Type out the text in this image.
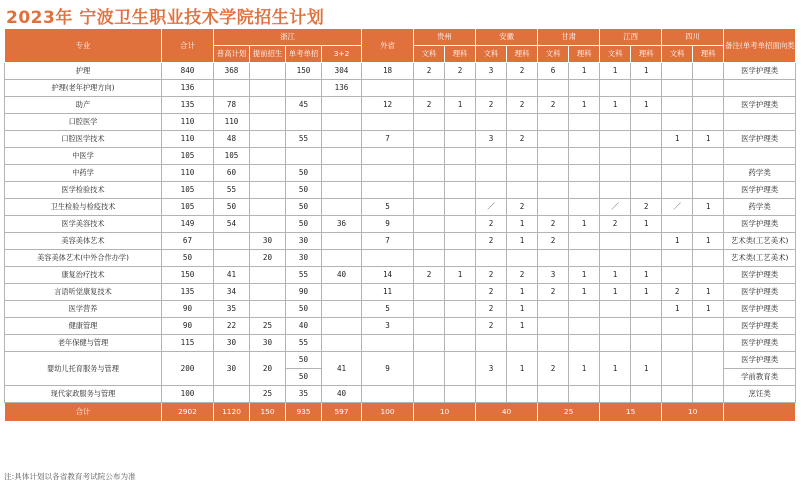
2023年 宁波卫生职业技术学院招生计划
专业	合计	浙江				外省	贵州		安徽		甘肃		江西		四川		备注(单考单招面向类别)
		普高计划	提前招生	单考单招	3+2		文科	理科	文科	理科	文科	理科	文科	理科	文科	理科	
护理	840	368		150	304	18	2	2	3	2	6	1	1	1			医学护理类
护理(老年护理方向)	136				136												
助产	135	78		45		12	2	1	2	2	2	1	1	1			医学护理类
口腔医学	110	110															
口腔医学技术	110	48		55		7			3	2					1	1	医学护理类
中医学	105	105															
中药学	110	60		50													药学类
医学检验技术	105	55		50													医学护理类
卫生检验与检疫技术	105	50		50		5			／	2			／	2	／	1	药学类
医学美容技术	149	54		50	36	9			2	1	2	1	2	1			医学护理类
美容美体艺术	67		30	30		7			2	1	2				1	1	艺术类(工艺美术)
美容美体艺术(中外合作办学)	50		20	30													艺术类(工艺美术)
康复治疗技术	150	41		55	40	14	2	1	2	2	3	1	1	1			医学护理类
言语听觉康复技术	135	34		90		11			2	1	2	1	1	1	2	1	医学护理类
医学营养	90	35		50		5			2	1					1	1	医学护理类
健康管理	90	22	25	40		3			2	1							医学护理类
老年保健与管理	115	30	30	55													医学护理类
婴幼儿托育服务与管理	200	30	20	50	41	9			3	1	2	1	1	1			医学护理类
				50													学前教育类
现代家政服务与管理	100		25	35	40												烹饪类
合计	2902	1120	150	935	597	100	10		40		25		15		10		
中国教育在线
注:具体计划以各省教育考试院公布为准
